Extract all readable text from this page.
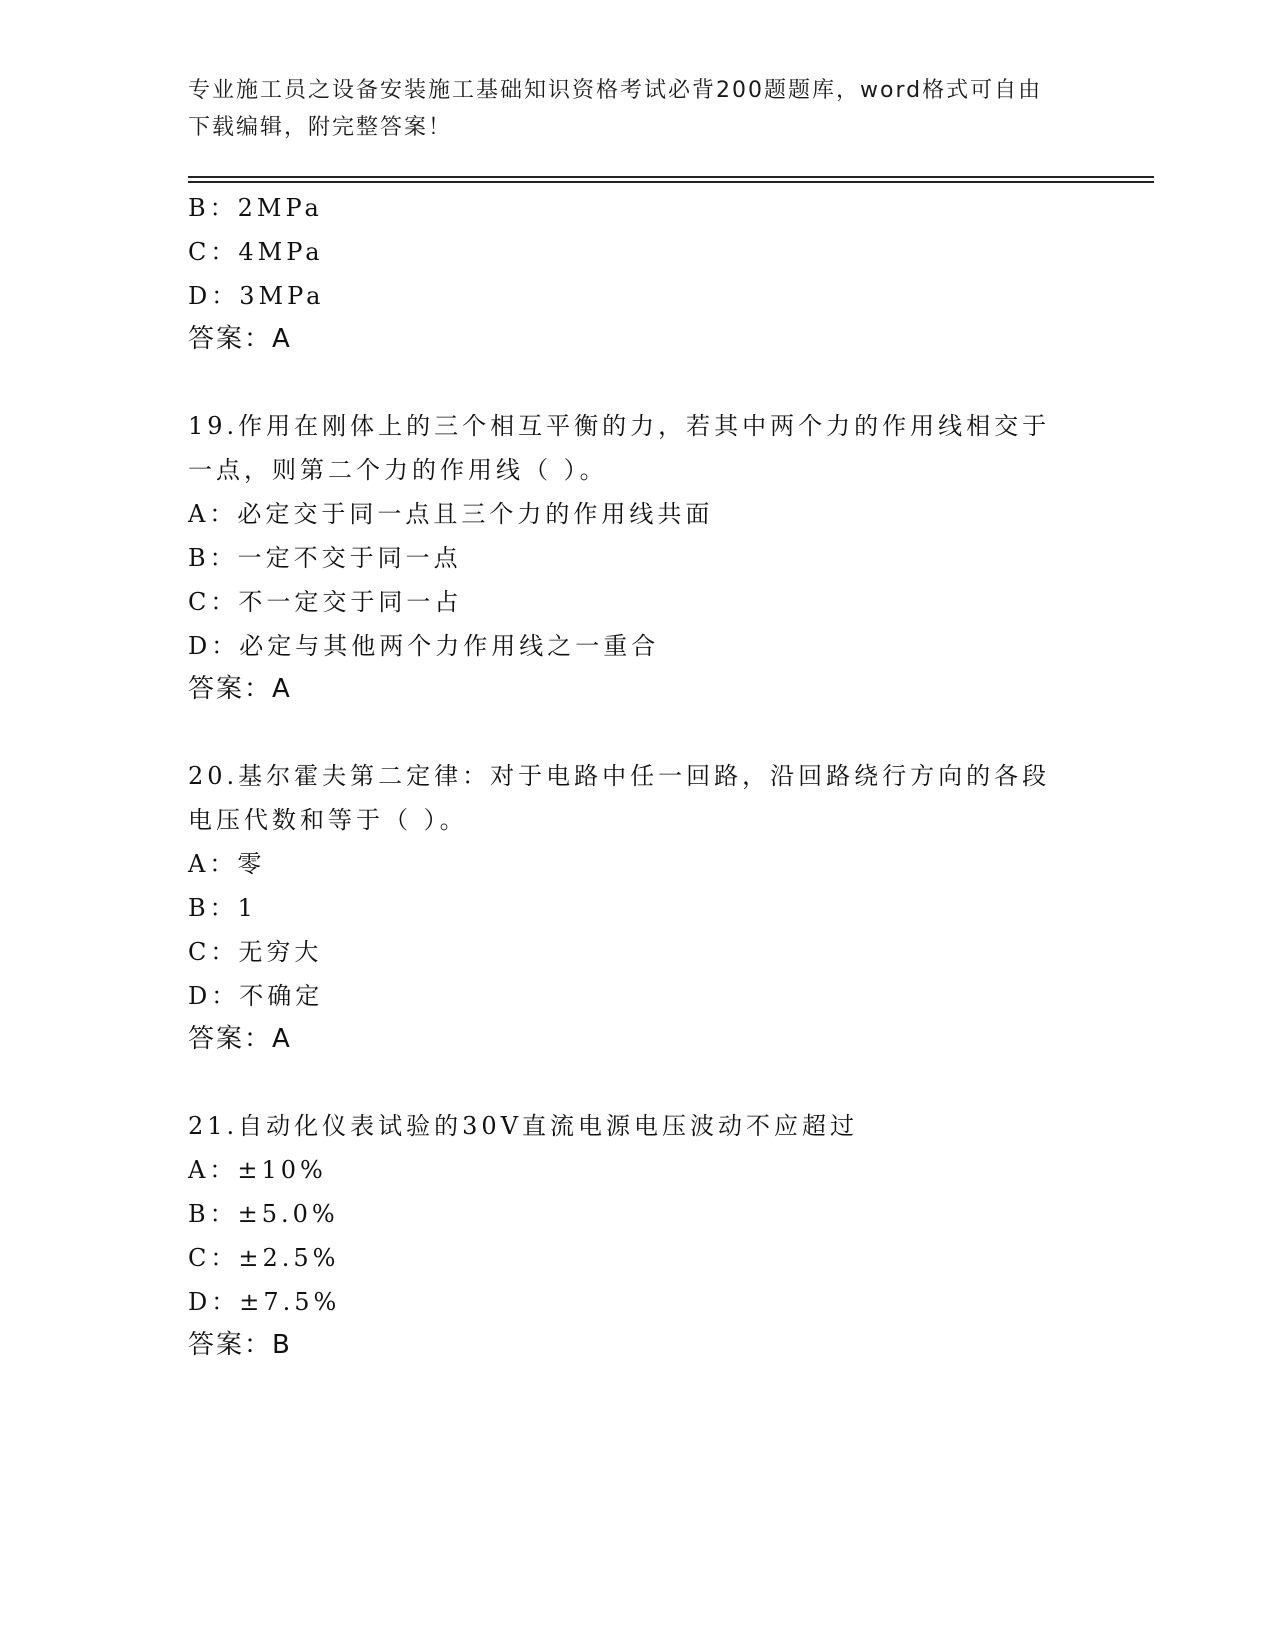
专业施工员之设备安装施工基础知识资格考试必背200题题库，word格式可自由
下载编辑，附完整答案！
B：2MPa
C：4MPa
D：3MPa
答案：A
19.作用在刚体上的三个相互平衡的力，若其中两个力的作用线相交于
一点，则第二个力的作用线（ ）。
A：必定交于同一点且三个力的作用线共面
B：一定不交于同一点
C：不一定交于同一占
D：必定与其他两个力作用线之一重合
答案：A
20.基尔霍夫第二定律：对于电路中任一回路，沿回路绕行方向的各段
电压代数和等于（ ）。
A：零
B：1
C：无穷大
D：不确定
答案：A
21.自动化仪表试验的30V直流电源电压波动不应超过
A：±10%
B：±5.0%
C：±2.5%
D：±7.5%
答案：B
